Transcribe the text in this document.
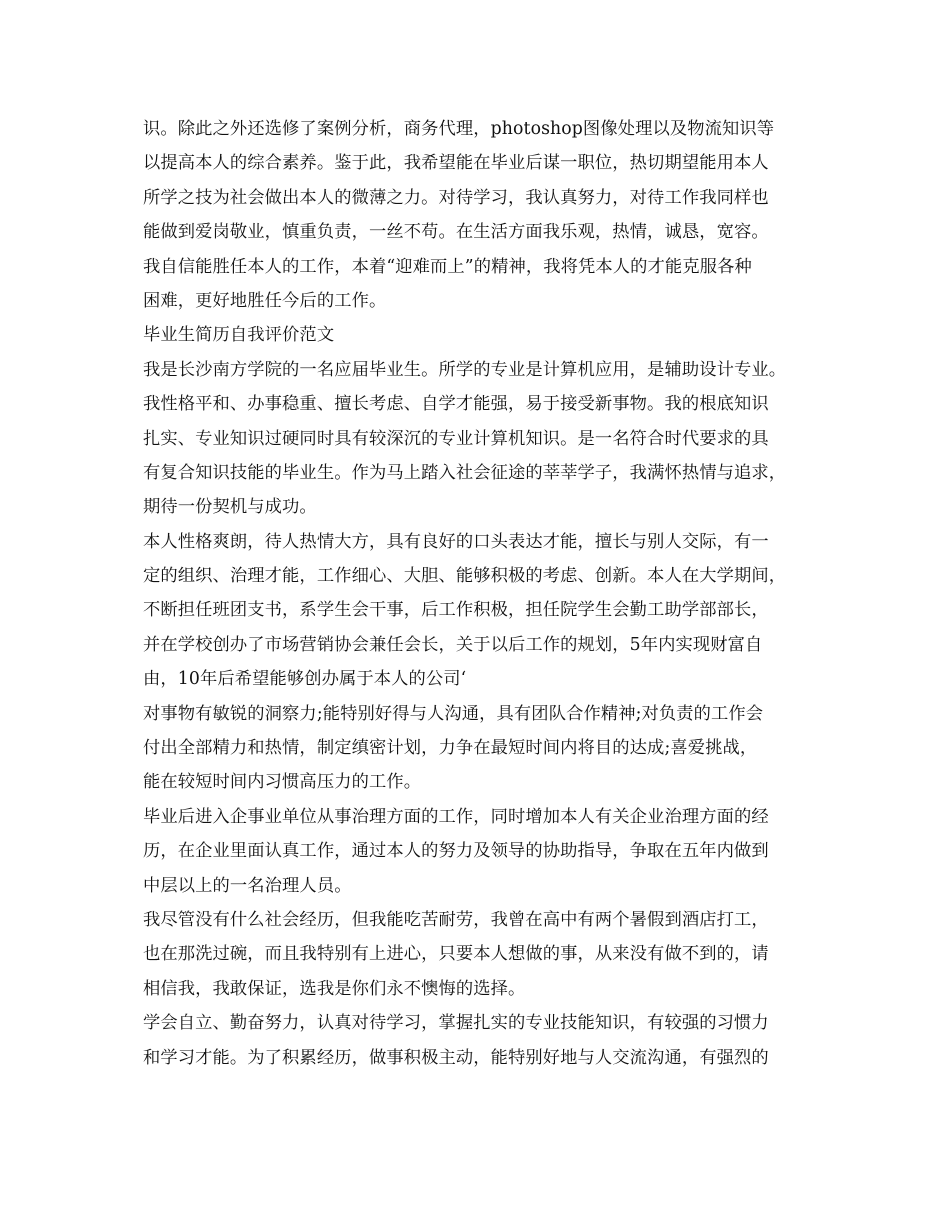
识。除此之外还选修了案例分析，商务代理，photoshop图像处理以及物流知识等
以提高本人的综合素养。鉴于此，我希望能在毕业后谋一职位，热切期望能用本人
所学之技为社会做出本人的微薄之力。对待学习，我认真努力，对待工作我同样也
能做到爱岗敬业，慎重负责，一丝不苟。在生活方面我乐观，热情，诚恳，宽容。
我自信能胜任本人的工作，本着“迎难而上”的精神，我将凭本人的才能克服各种
困难，更好地胜任今后的工作。
毕业生简历自我评价范文
我是长沙南方学院的一名应届毕业生。所学的专业是计算机应用，是辅助设计专业。
我性格平和、办事稳重、擅长考虑、自学才能强，易于接受新事物。我的根底知识
扎实、专业知识过硬同时具有较深沉的专业计算机知识。是一名符合时代要求的具
有复合知识技能的毕业生。作为马上踏入社会征途的莘莘学子，我满怀热情与追求，
期待一份契机与成功。
本人性格爽朗，待人热情大方，具有良好的口头表达才能，擅长与别人交际，有一
定的组织、治理才能，工作细心、大胆、能够积极的考虑、创新。本人在大学期间，
不断担任班团支书，系学生会干事，后工作积极，担任院学生会勤工助学部部长，
并在学校创办了市场营销协会兼任会长，关于以后工作的规划，5年内实现财富自
由，10年后希望能够创办属于本人的公司‘
对事物有敏锐的洞察力;能特别好得与人沟通，具有团队合作精神;对负责的工作会
付出全部精力和热情，制定缜密计划，力争在最短时间内将目的达成;喜爱挑战，
能在较短时间内习惯高压力的工作。
毕业后进入企事业单位从事治理方面的工作，同时增加本人有关企业治理方面的经
历，在企业里面认真工作，通过本人的努力及领导的协助指导，争取在五年内做到
中层以上的一名治理人员。
我尽管没有什么社会经历，但我能吃苦耐劳，我曾在高中有两个暑假到酒店打工，
也在那洗过碗，而且我特别有上进心，只要本人想做的事，从来没有做不到的，请
相信我，我敢保证，选我是你们永不懊悔的选择。
学会自立、勤奋努力，认真对待学习，掌握扎实的专业技能知识，有较强的习惯力
和学习才能。为了积累经历，做事积极主动，能特别好地与人交流沟通，有强烈的
